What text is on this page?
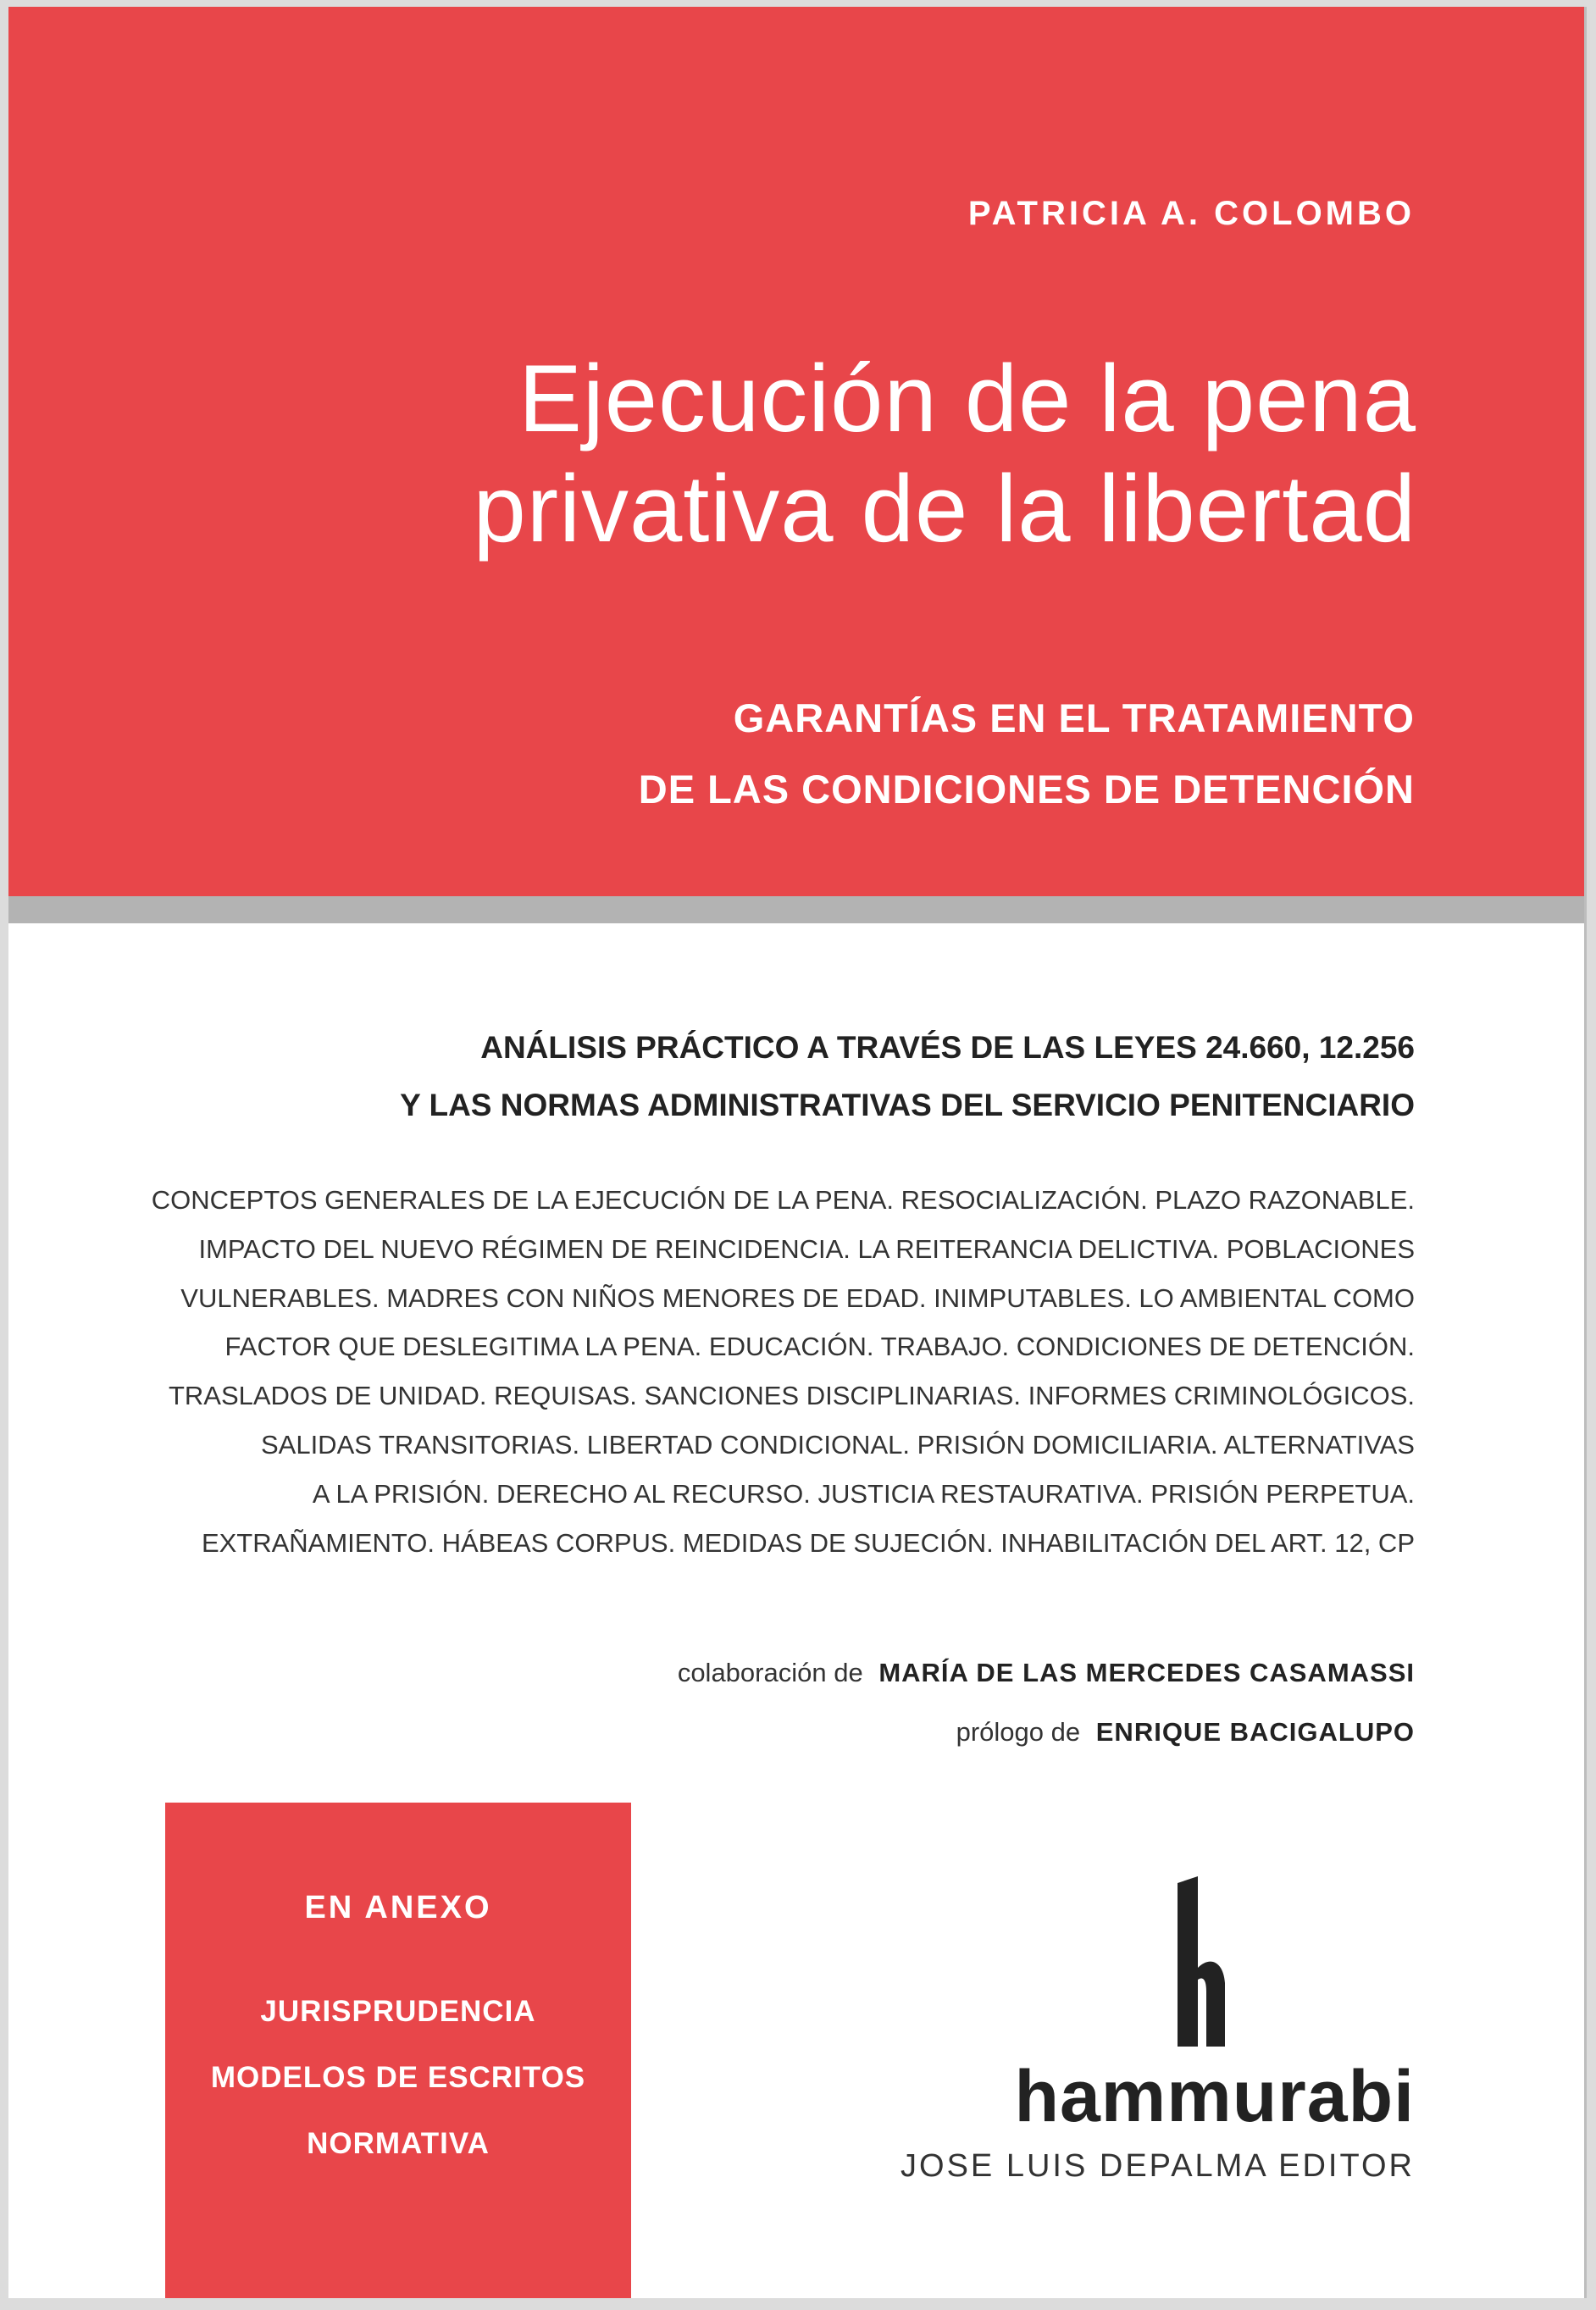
PATRICIA A. COLOMBO
Ejecución de la pena
privativa de la libertad
GARANTÍAS EN EL TRATAMIENTO
DE LAS CONDICIONES DE DETENCIÓN
ANÁLISIS PRÁCTICO A TRAVÉS DE LAS LEYES 24.660, 12.256
Y LAS NORMAS ADMINISTRATIVAS DEL SERVICIO PENITENCIARIO
CONCEPTOS GENERALES DE LA EJECUCIÓN DE LA PENA. RESOCIALIZACIÓN. PLAZO RAZONABLE.
IMPACTO DEL NUEVO RÉGIMEN DE REINCIDENCIA. LA REITERANCIA DELICTIVA. POBLACIONES
VULNERABLES. MADRES CON NIÑOS MENORES DE EDAD. INIMPUTABLES. LO AMBIENTAL COMO
FACTOR QUE DESLEGITIMA LA PENA. EDUCACIÓN. TRABAJO. CONDICIONES DE DETENCIÓN.
TRASLADOS DE UNIDAD. REQUISAS. SANCIONES DISCIPLINARIAS. INFORMES CRIMINOLÓGICOS.
SALIDAS TRANSITORIAS. LIBERTAD CONDICIONAL. PRISIÓN DOMICILIARIA. ALTERNATIVAS
A LA PRISIÓN. DERECHO AL RECURSO. JUSTICIA RESTAURATIVA. PRISIÓN PERPETUA.
EXTRAÑAMIENTO. HÁBEAS CORPUS. MEDIDAS DE SUJECIÓN. INHABILITACIÓN DEL ART. 12, CP
colaboración de MARÍA DE LAS MERCEDES CASAMASSI
prólogo de ENRIQUE BACIGALUPO
EN ANEXO
JURISPRUDENCIA
MODELOS DE ESCRITOS
NORMATIVA
hammurabi
JOSE LUIS DEPALMA EDITOR
